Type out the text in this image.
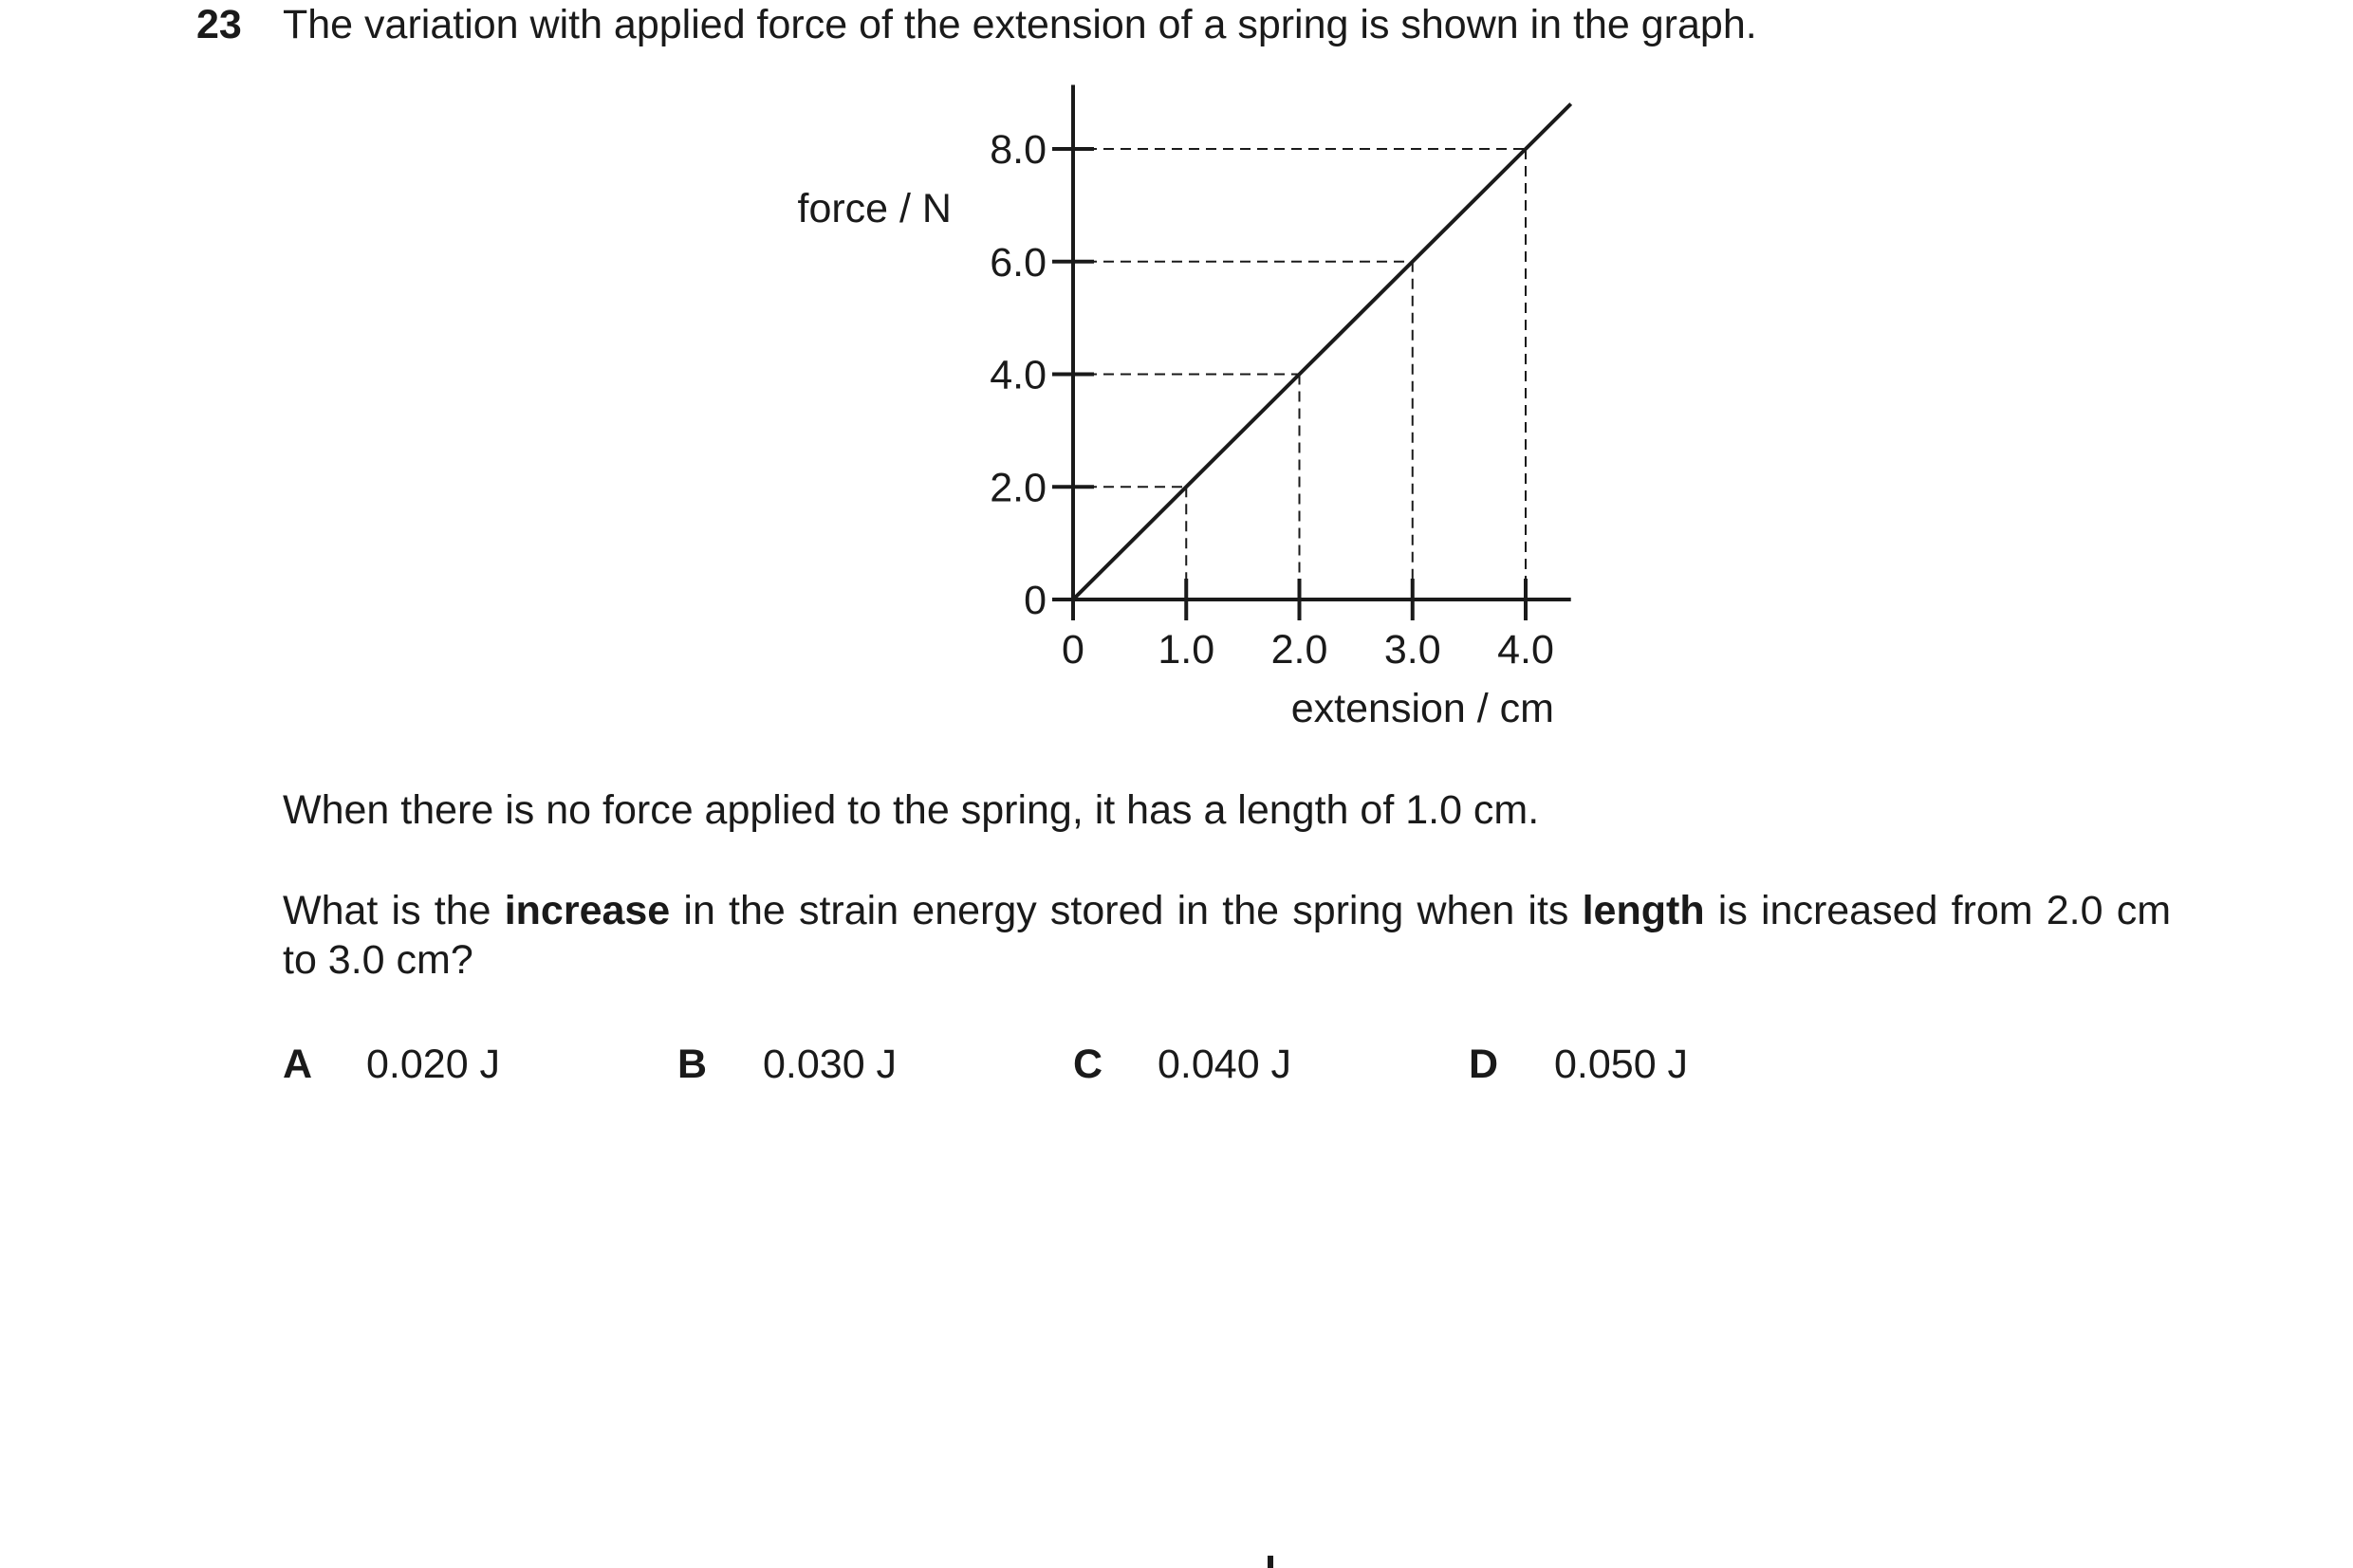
23 The variation with applied force of the extension of a spring is shown in the graph.
0
2.0
4.0
6.0
8.0
0 1.0 2.0 3.0 4.0
force / N
extension / cm
When there is no force applied to the spring, it has a length of 1.0 cm.
What is the increase in the strain energy stored in the spring when its length is increased from 2.0 cm to 3.0 cm?
A 0.020 J	B 0.030 J	C 0.040 J	D 0.050 J
